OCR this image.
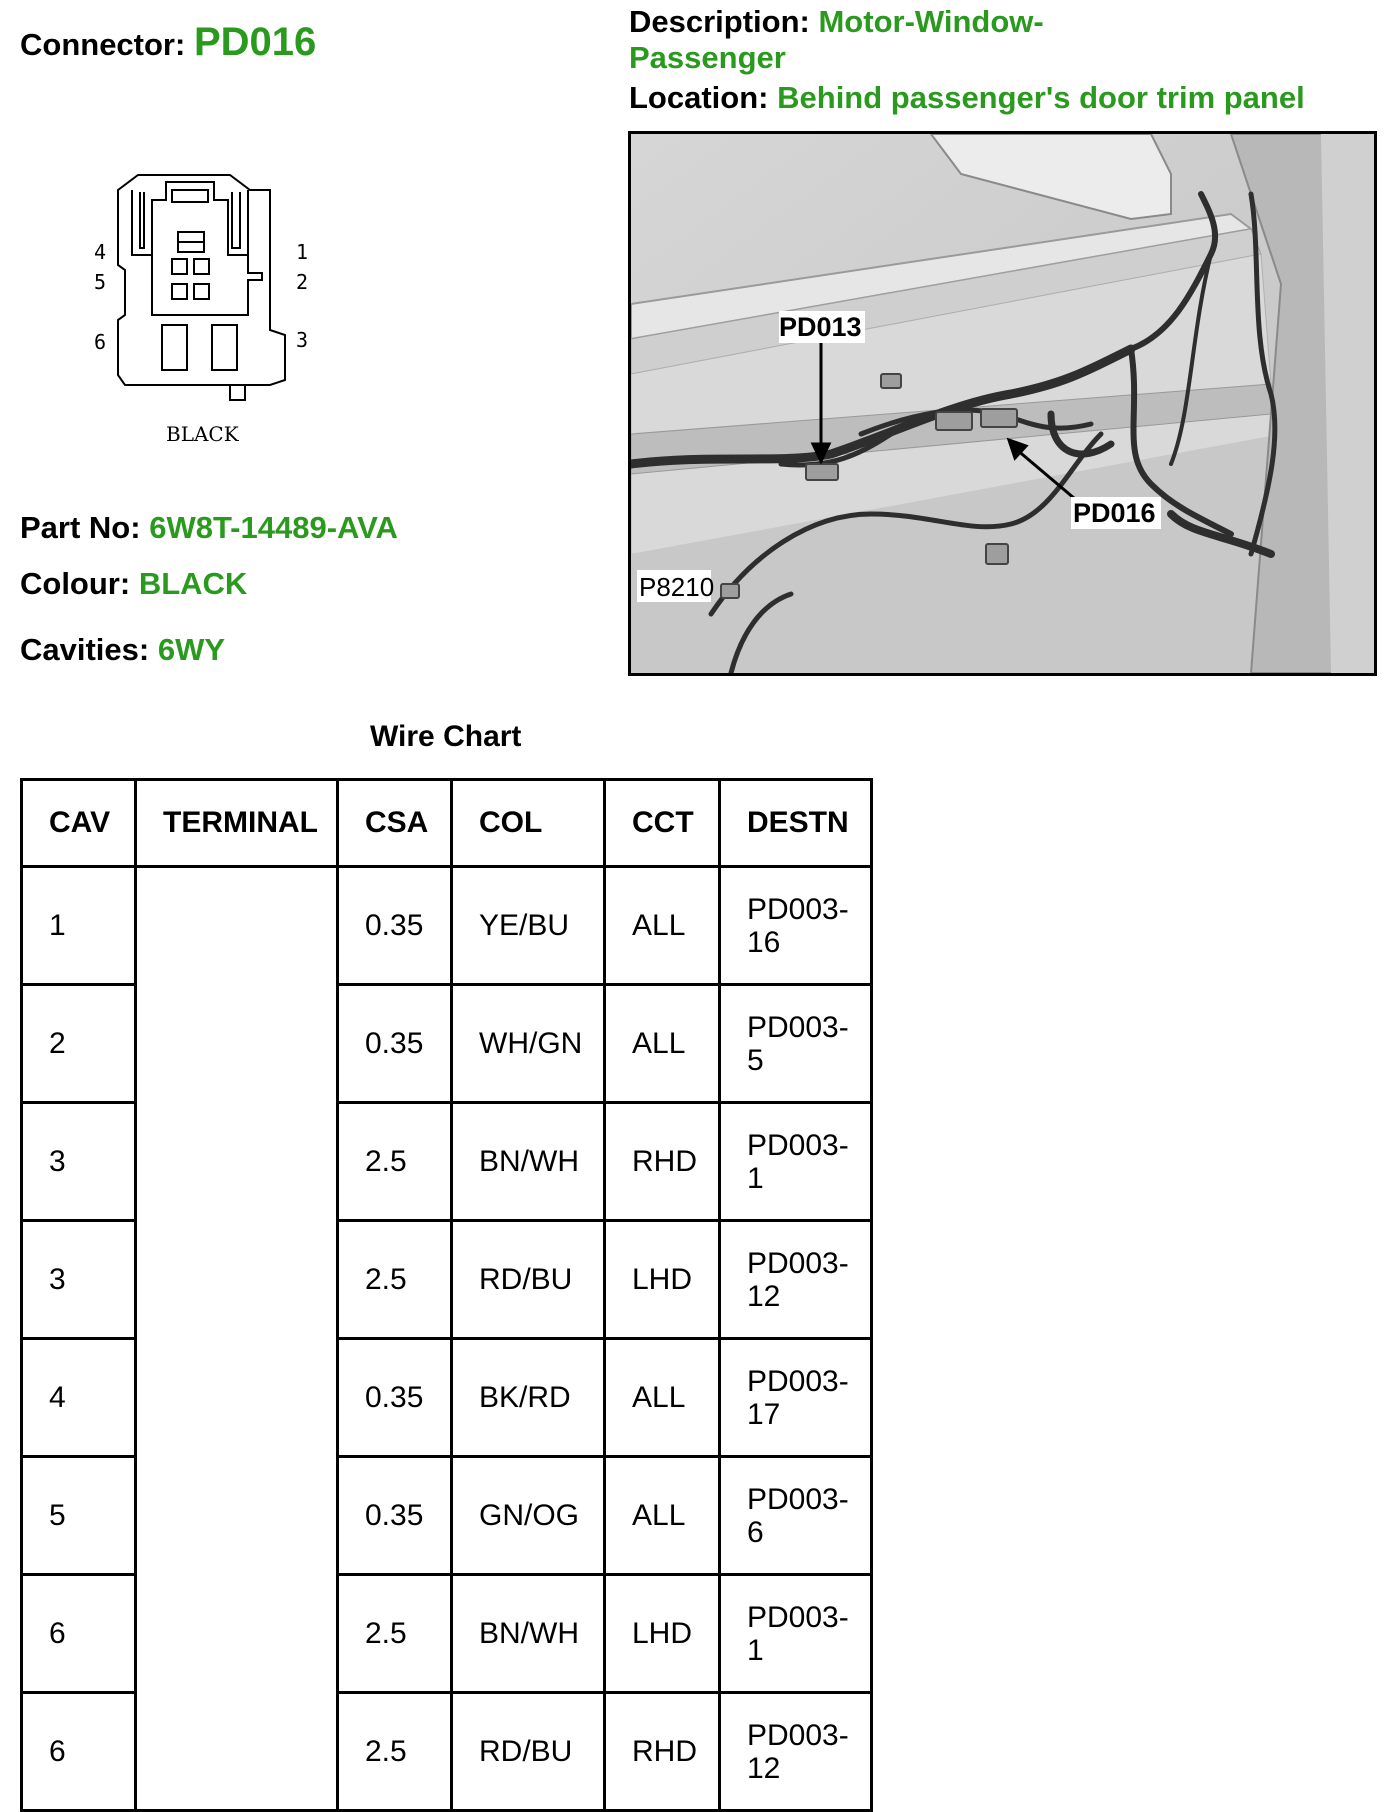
Connector: PD016	Description: Motor-Window-Passenger
Location: Behind passenger's door trim panel
4
5
6
1
2
3
BLACK
Part No: 6W8T-14489-AVA
Colour: BLACK
Cavities: 6WY
PD013
PD016
P8210
Wire Chart
CAV	TERMINAL	CSA	COL	CCT	DESTN
1		0.35	YE/BU	ALL	PD003-16
2		0.35	WH/GN	ALL	PD003-5
3		2.5	BN/WH	RHD	PD003-1
3		2.5	RD/BU	LHD	PD003-12
4		0.35	BK/RD	ALL	PD003-17
5		0.35	GN/OG	ALL	PD003-6
6		2.5	BN/WH	LHD	PD003-1
6		2.5	RD/BU	RHD	PD003-12
